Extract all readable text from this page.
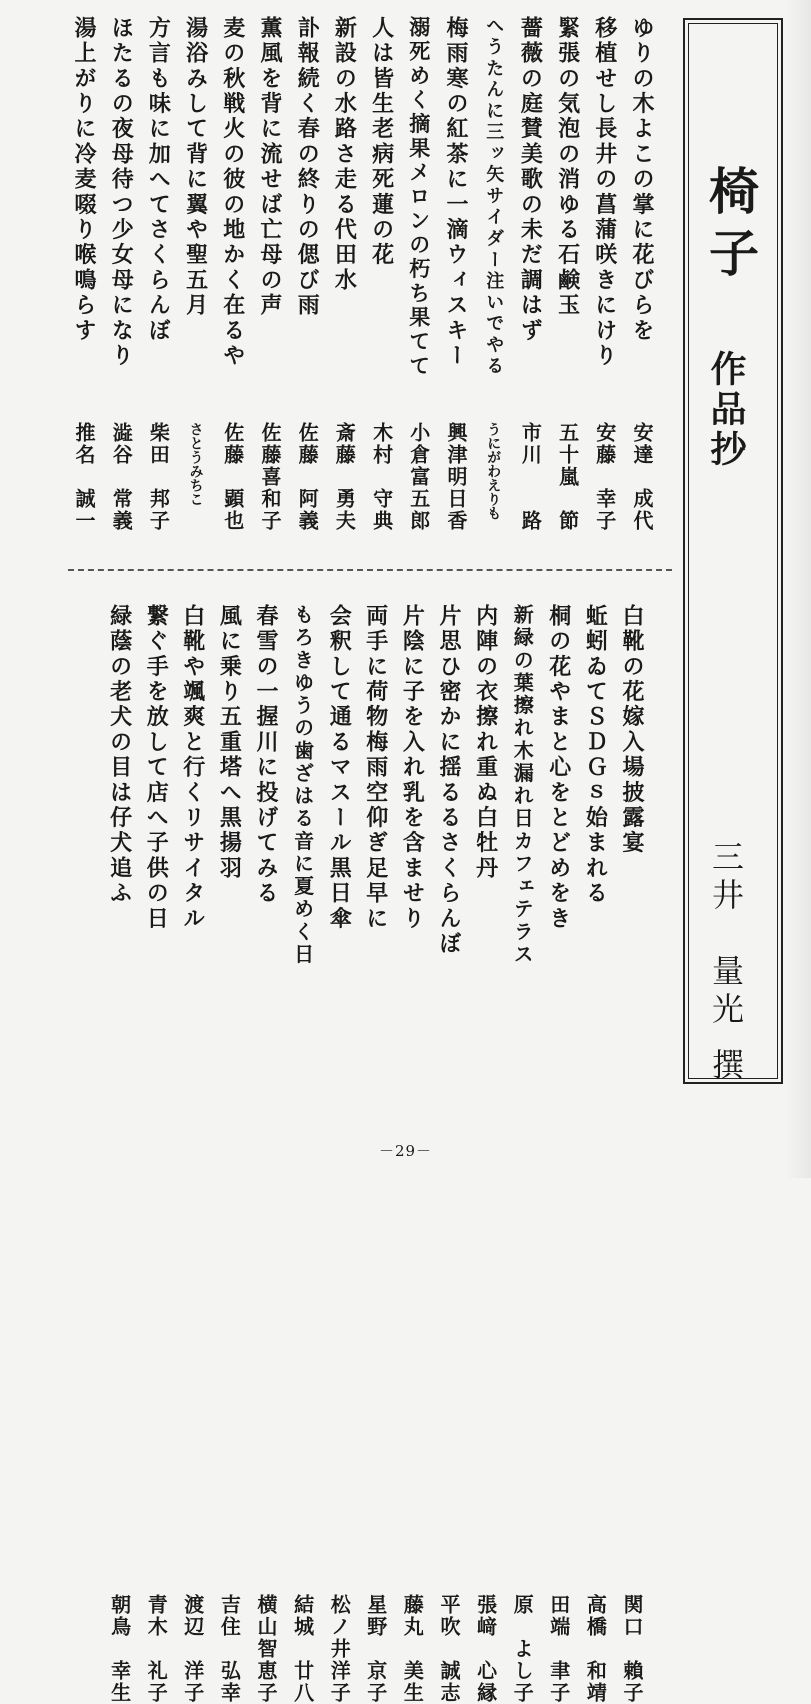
椅子
作品抄
三井　量光撰
ゆりの木よこの掌に花びらを
安達　成代
移植せし長井の菖蒲咲きにけり
安藤　幸子
緊張の気泡の消ゆる石鹸玉
五十嵐　節
薔薇の庭賛美歌の未だ調はず
市川　　路
へうたんに三ッ矢サイダー注いでやる
うにがわえりも
梅雨寒の紅茶に一滴ウィスキー
興津明日香
溺死めく摘果メロンの朽ち果てて
小倉富五郎
人は皆生老病死蓮の花
木村　守典
新設の水路さ走る代田水
斎藤　勇夫
訃報続く春の終りの偲び雨
佐藤　阿義
薫風を背に流せば亡母の声
佐藤喜和子
麦の秋戦火の彼の地かく在るや
佐藤　顕也
湯浴みして背に翼や聖五月
さとうみちこ
方言も味に加へてさくらんぼ
柴田　邦子
ほたるの夜母待つ少女母になり
澁谷　常義
湯上がりに冷麦啜り喉鳴らす
推名　誠一
白靴の花嫁入場披露宴
関口　賴子
蚯蚓ゐてＳＤＧｓ始まれる
高橋　和靖
桐の花やまと心をとどめをき
田端　聿子
新緑の葉擦れ木漏れ日カフェテラス
原　よし子
内陣の衣擦れ重ぬ白牡丹
張﨑　心縁
片思ひ密かに揺るるさくらんぼ
平吹　誠志
片陰に子を入れ乳を含ませり
藤丸　美生
両手に荷物梅雨空仰ぎ足早に
星野　京子
会釈して通るマスール黒日傘
松ノ井洋子
もろきゆうの歯ざはる音に夏めく日
結城　廿八
春雪の一握川に投げてみる
横山智恵子
風に乗り五重塔へ黒揚羽
吉住　弘幸
白靴や颯爽と行くリサイタル
渡辺　洋子
繋ぐ手を放して店へ子供の日
青木　礼子
緑蔭の老犬の目は仔犬追ふ
朝鳥　幸生
－29－
